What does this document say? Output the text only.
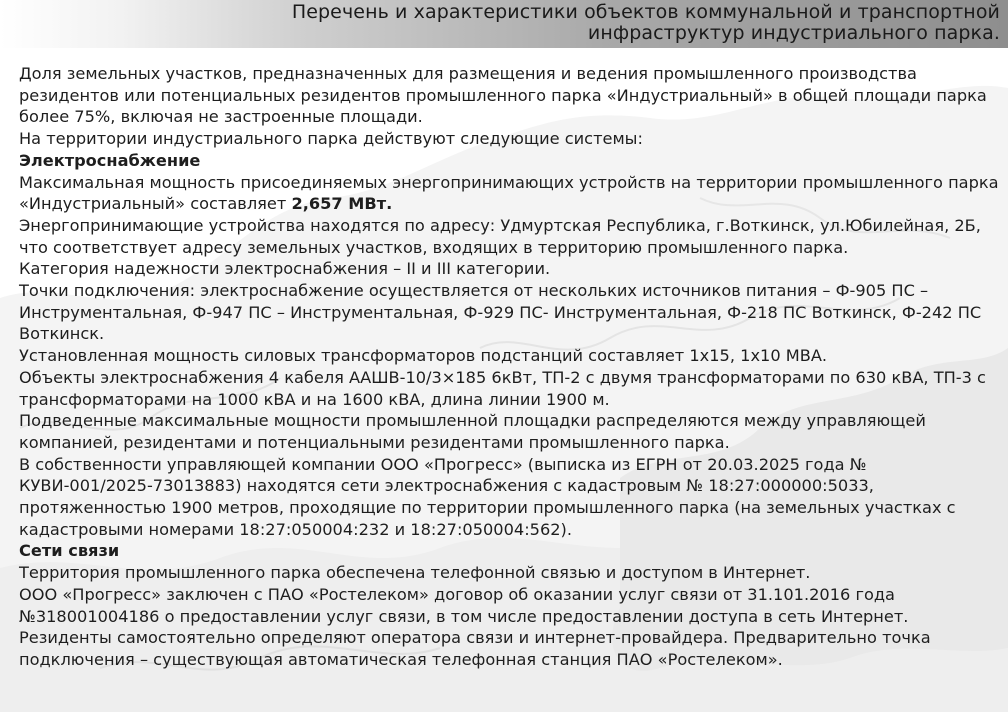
Перечень и характеристики объектов коммунальной и транспортной
инфраструктур индустриального парка.

Доля земельных участков, предназначенных для размещения и ведения промышленного производства резидентов или потенциальных резидентов промышленного парка «Индустриальный» в общей площади парка более 75%, включая не застроенные площади.

На территории индустриального парка действуют следующие системы:

Электроснабжение

Максимальная мощность присоединяемых энергопринимающих устройств на территории промышленного парка «Индустриальный» составляет 2,657 МВт.

Энергопринимающие устройства находятся по адресу: Удмуртская Республика, г.Воткинск, ул.Юбилейная, 2Б, что соответствует адресу земельных участков, входящих в территорию промышленного парка.

Категория надежности электроснабжения – II и III категории.

Точки подключения: электроснабжение осуществляется от нескольких источников питания – Ф-905 ПС – Инструментальная, Ф-947 ПС – Инструментальная, Ф-929 ПС- Инструментальная, Ф-218 ПС Воткинск, Ф-242 ПС Воткинск.

Установленная мощность силовых трансформаторов подстанций составляет 1х15, 1х10 МВА.

Объекты электроснабжения 4 кабеля ААШВ-10/3×185 6кВт, ТП-2 с двумя трансформаторами по 630 кВА, ТП-3 с трансформаторами на 1000 кВА и на 1600 кВА, длина линии 1900 м.

Подведенные максимальные мощности промышленной площадки распределяются между управляющей компанией, резидентами и потенциальными резидентами промышленного парка.

В собственности управляющей компании ООО «Прогресс» (выписка из ЕГРН от 20.03.2025 года № КУВИ-001/2025-73013883) находятся сети электроснабжения с кадастровым № 18:27:000000:5033, протяженностью 1900 метров, проходящие по территории промышленного парка (на земельных участках с кадастровыми номерами 18:27:050004:232 и 18:27:050004:562).

Сети связи

Территория промышленного парка обеспечена телефонной связью и доступом в Интернет.

ООО «Прогресс» заключен с ПАО «Ростелеком» договор об оказании услуг связи от 31.101.2016 года №318001004186 о предоставлении услуг связи, в том числе предоставлении доступа в сеть Интернет.

Резиденты самостоятельно определяют оператора связи и интернет-провайдера. Предварительно точка подключения – существующая автоматическая телефонная станция ПАО «Ростелеком».
